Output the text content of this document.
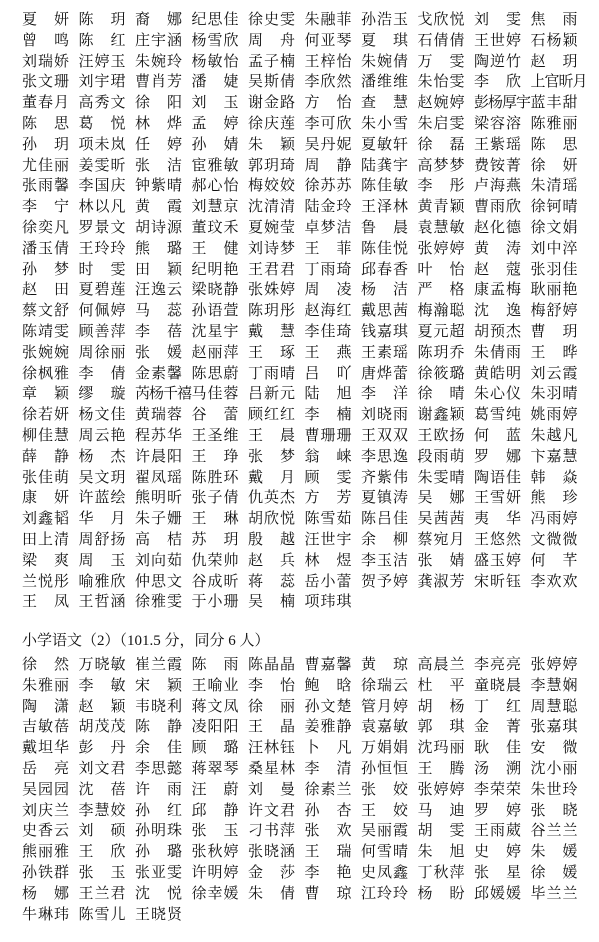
夏 妍 陈 玥 裔 娜 纪思佳 徐史雯 朱融菲 孙浩玉 戈欣悦 刘 雯 焦 雨
曾 鸣 陈 红 庄宇涵 杨雪欣 周 舟 何亚琴 夏 琪 石倩倩 王世婷 石杨颖
刘瑞娇 汪婷玉 朱婉玲 杨敏怡 孟子楠 王梓怡 朱婉倩 万 雯 陶逆竹 赵 玥
张文珊 刘宇珺 曹肖芳 潘 婕 吴斯倩 李欣然 潘维维 朱怡雯 李 欣 上官昕月
董春月 高秀文 徐 阳 刘 玉 谢金路 方 怡 查 慧 赵婉婷 彭杨厚宇 蓝丰甜
陈 思 葛 悦 林 烨 孟 婷 徐庆莲 李可欣 朱小雪 朱启雯 梁容溶 陈雅丽
孙 玥 项未岚 任 婷 孙 婧 朱 颖 吴丹妮 夏敏轩 徐 磊 王紫瑶 陈 思
尤佳丽 姜雯昕 张 洁 宦雅敏 郭玥琦 周 静 陆龚宇 高梦梦 费铵菁 徐 妍
张雨馨 李国庆 钟紫晴 郝心怡 梅姣姣 徐苏苏 陈佳敏 李 彤 卢海燕 朱清瑶
李 宁 林以凡 黄 霞 刘慧京 沈清清 陆金玲 王泽林 黄青颖 曹雨欣 徐钶晴
徐奕凡 罗景文 胡诗源 董玟禾 夏婉莹 卓梦洁 鲁 晨 袁慧敏 赵化德 徐文娟
潘玉倩 王玲玲 熊 璐 王 健 刘诗梦 王 菲 陈佳悦 张婷婷 黄 涛 刘中淬
孙 梦 时 雯 田 颖 纪明艳 王君君 丁雨琦 邱春香 叶 怡 赵 蔻 张羽佳
赵 田 夏碧莲 汪逸云 梁晓静 张姝婷 周 凌 杨 洁 严 格 康孟梅 耿丽艳
蔡文舒 何佩婷 马 蕊 孙语萱 陈玥彤 赵海红 戴思茜 梅瀚聪 沈 逸 梅舒婷
陈靖雯 顾善萍 李 蓓 沈星宇 戴 慧 李佳琦 钱嘉琪 夏元超 胡预杰 曹 玥
张婉婉 周徐丽 张 媛 赵丽萍 王 琢 王 燕 王素瑶 陈玥乔 朱倩雨 王 晔
徐枫雅 李 倩 金素馨 陈思蔚 丁雨晴 吕 吖 唐烨蕾 徐筱璐 黄皓明 刘云霞
章 颖 缪 璇 芮杨千禧 马佳蓉 吕新元 陆 旭 李 洋 徐 晴 朱心仪 朱羽晴
徐若妍 杨文佳 黄瑞蓉 谷 蕾 顾红红 李 楠 刘晓雨 谢鑫颖 葛雪纯 姚雨婷
柳佳慧 周云艳 程苏华 王圣维 王 晨 曹珊珊 王双双 王欧扬 何 蓝 朱越凡
薛 静 杨 杰 许晨阳 王 琤 张 梦 翁 崃 李思逸 段雨萌 罗 娜 卞嘉慧
张佳萌 吴文玥 翟凤瑶 陈胜环 戴 月 顾 雯 齐紫伟 朱雯晴 陶语佳 韩 焱
康 妍 许蓝绘 熊明昕 张子倩 仇英杰 方 芳 夏镇涛 吴 娜 王雪妍 熊 珍
刘鑫韬 华 月 朱子姗 王 琳 胡欣悦 陈雪茹 陈吕佳 吴茜茜 夷 华 冯雨婷
田上清 周舒扬 高 桔 苏 玥 殷 越 汪世宇 余 柳 蔡宛月 王悠然 文微微
梁 爽 周 玉 刘向茹 仇荣帅 赵 兵 林 煜 李玉洁 张 婧 盛玉婷 何 芊
兰悦彤 喻雅欣 仲思文 谷成昕 蒋 蕊 岳小蕾 贺予婷 龚淑芳 宋昕钰 李欢欢
王 凤 王哲涵 徐雅雯 于小珊 吴 楠 项玮琪
小学语文（2）（101.5 分，同分 6 人）
徐 然 万晓敏 崔兰霞 陈 雨 陈晶晶 曹嘉馨 黄 琼 高晨兰 李亮亮 张婷婷
朱雅丽 李 敏 宋 颖 王喻业 李 怡 鲍 晗 徐瑞云 杜 平 童晓晨 李慧娴
陶 潇 赵 颖 韦晓利 蒋文凤 徐 丽 孙文楚 管月婷 胡 杨 丁 红 周慧聪
吉敏蓓 胡茂茂 陈 静 凌阳阳 王 晶 姜雅静 袁嘉敏 郭 琪 金 菁 张嘉琪
戴坦华 彭 丹 余 佳 顾 璐 汪林钰 卜 凡 万娟娟 沈玛丽 耿 佳 安 微
岳 亮 刘文君 李思懿 蒋翠琴 桑星林 李 清 孙恒恒 王 腾 汤 溯 沈小丽
吴园园 沈 蓓 许 雨 汪 蔚 刘 曼 徐素兰 张 姣 张婷婷 李荣荣 朱世玲
刘庆兰 李慧姣 孙 红 邱 静 许文君 孙 杏 王 姣 马 迪 罗 婷 张 晓
史香云 刘 硕 孙明珠 张 玉 刁书萍 张 欢 吴丽霞 胡 雯 王雨葳 谷兰兰
熊丽雅 王 欣 孙 璐 张秋婷 张晓涵 王 瑞 何雪晴 朱 旭 史 婷 朱 媛
孙铁群 张 玉 张亚雯 许明婷 金 莎 李 艳 史凤鑫 丁秋萍 张 星 徐 媛
杨 娜 王兰君 沈 悦 徐幸媛 朱 倩 曹 琼 江玲玲 杨 盼 邱媛媛 毕兰兰
牛琳玮 陈雪儿 王晓贤
